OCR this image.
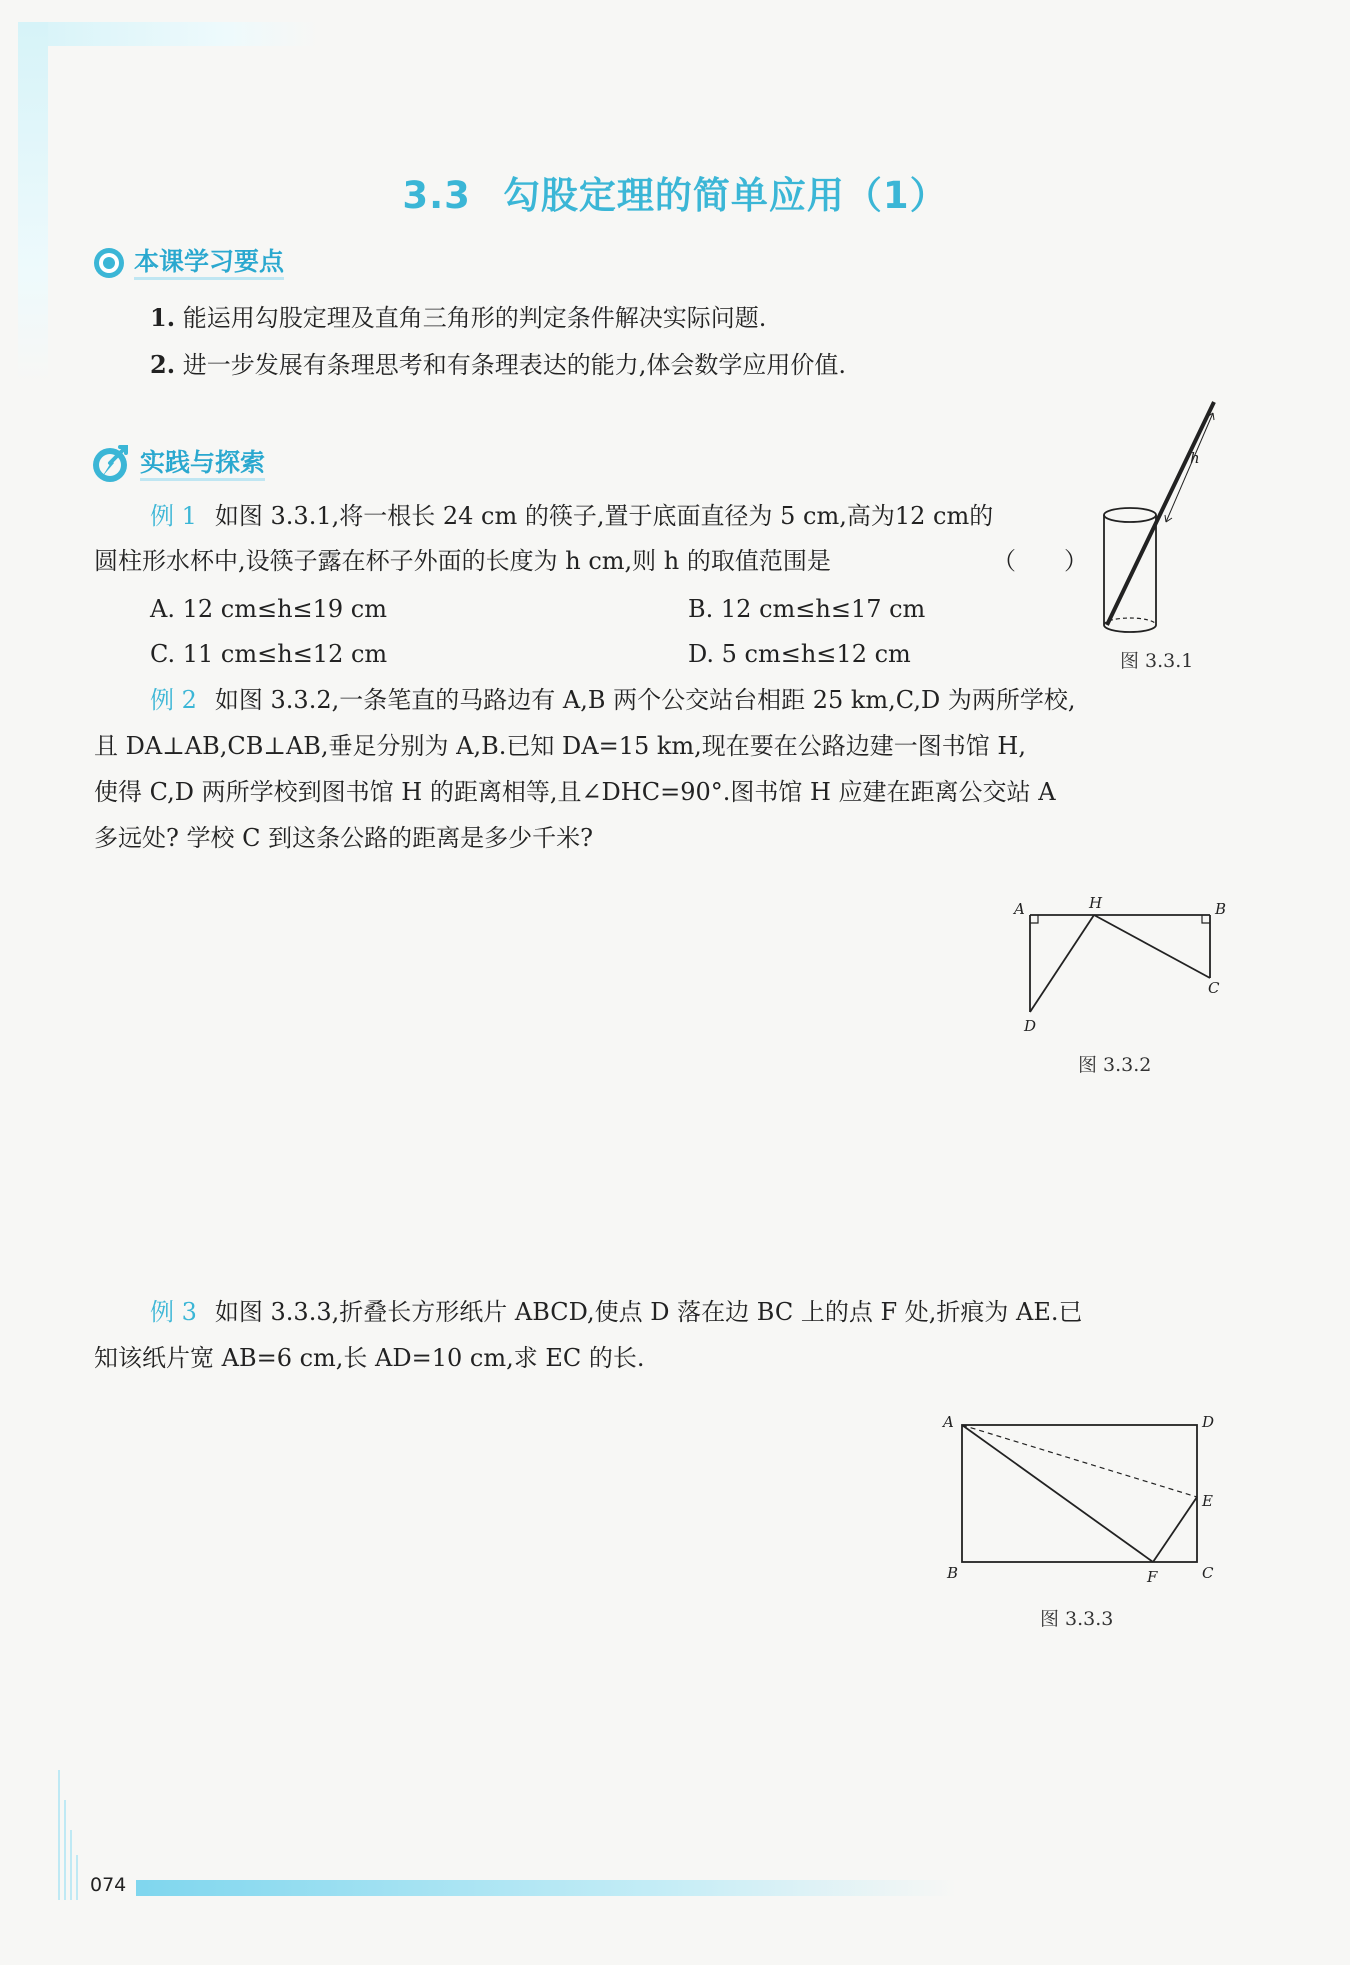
3.3 勾股定理的简单应用（1）
本课学习要点
1. 能运用勾股定理及直角三角形的判定条件解决实际问题.
2. 进一步发展有条理思考和有条理表达的能力,体会数学应用价值.
实践与探索
例 1 如图 3.3.1,将一根长 24 cm 的筷子,置于底面直径为 5 cm,高为12 cm的
圆柱形水杯中,设筷子露在杯子外面的长度为 h cm,则 h 的取值范围是	（　　）
A. 12 cm≤h≤19 cm	B. 12 cm≤h≤17 cm
C. 11 cm≤h≤12 cm	D. 5 cm≤h≤12 cm
h
图 3.3.1
例 2 如图 3.3.2,一条笔直的马路边有 A,B 两个公交站台相距 25 km,C,D 为两所学校,
且 DA⊥AB,CB⊥AB,垂足分别为 A,B.已知 DA=15 km,现在要在公路边建一图书馆 H,
使得 C,D 两所学校到图书馆 H 的距离相等,且∠DHC=90°.图书馆 H 应建在距离公交站 A
多远处? 学校 C 到这条公路的距离是多少千米?
A	H	B
C
D
图 3.3.2
例 3 如图 3.3.3,折叠长方形纸片 ABCD,使点 D 落在边 BC 上的点 F 处,折痕为 AE.已
知该纸片宽 AB=6 cm,长 AD=10 cm,求 EC 的长.
A	D
E
B	F	C
图 3.3.3
074
